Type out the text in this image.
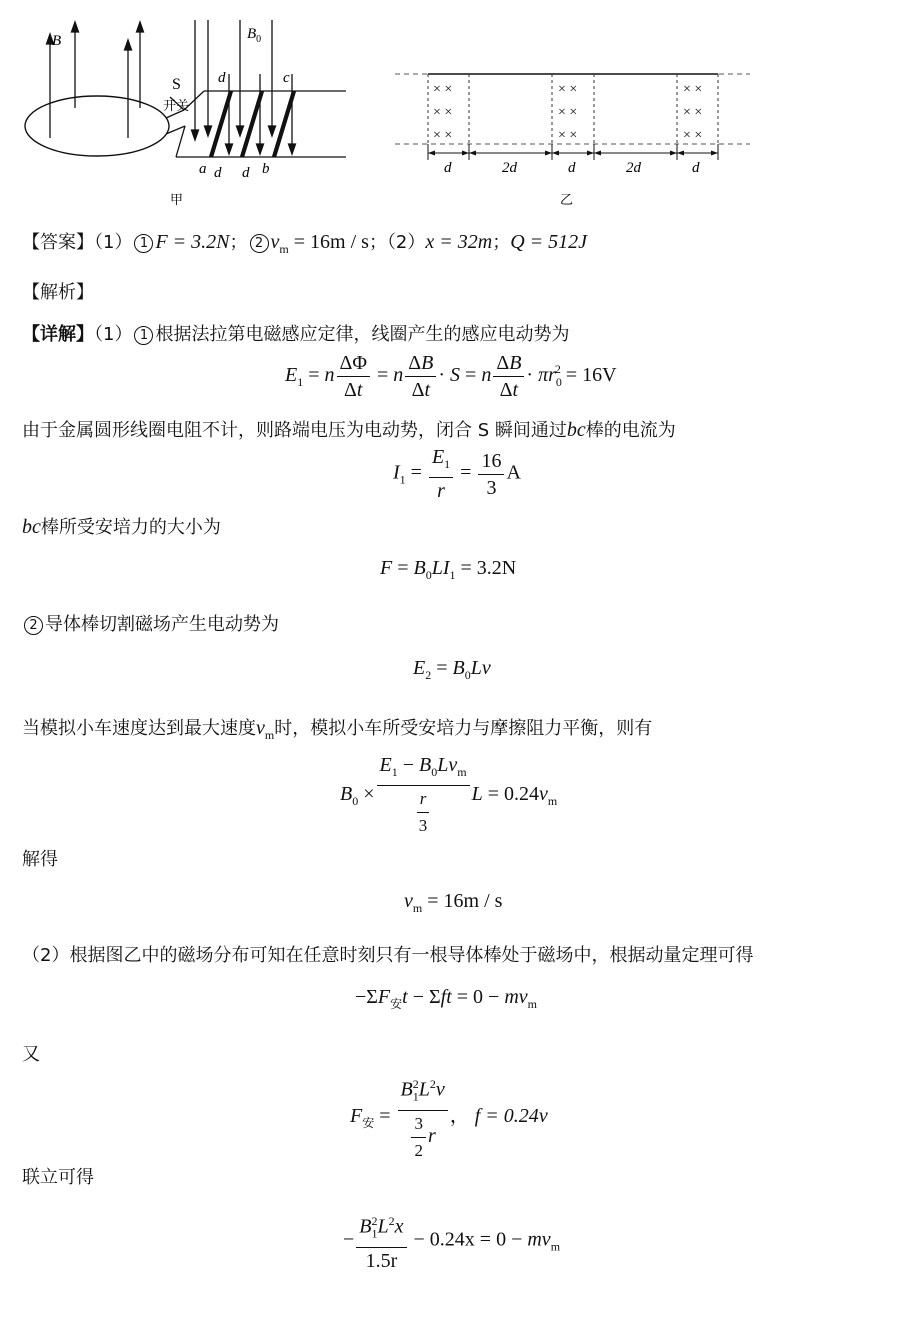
B	$B_0$
S
开关
d	c
a d d b
甲
× ×
× ×
× ×
× ×
× ×
× ×
× ×
× ×
× ×
d	2d	d	2d	d
乙
【答案】（1） 1 F = 3.2N； 2 $v_m = 16m / s$；（2）x = 32m；Q = 512J
【解析】
【详解】（1） 1 根据法拉第电磁感应定律，线圈产生的感应电动势为
$E_1 = n \frac{\Delta\Phi}{\Delta t} = n \frac{\Delta B}{\Delta t} \cdot S = n \frac{\Delta B}{\Delta t} \cdot \pi r_0^2 = 16V$
由于金属圆形线圈电阻不计，则路端电压为电动势，闭合 S 瞬间通过bc棒的电流为
$I_1 = \frac{E_1}{r} = \frac{16}{3}$ A
bc棒所受安培力的大小为
$F = B_0LI_1 = 3.2N$
2 导体棒切割磁场产生电动势为
$E_2 = B_0Lv$
当模拟小车速度达到最大速度$v_m$时，模拟小车所受安培力与摩擦阻力平衡，则有
$B_0 \times \frac{E_1 - B_0Lv_m}{\frac{r}{3}}$ $L = 0.24v_m$
解得
$v_m = 16m / s$
（2）根据图乙中的磁场分布可知在任意时刻只有一根导体棒处于磁场中，根据动量定理可得
$-\Sigma F_安t - \Sigma ft = 0 - mv_m$
又
$F_安 = \frac{B_1^2L^2v}{\frac{3}{2} r}$ ， f = 0.24v
联立可得
− $\frac{B_1^2L^2x}{1.5r} - 0.24x = 0 - mv_m$
